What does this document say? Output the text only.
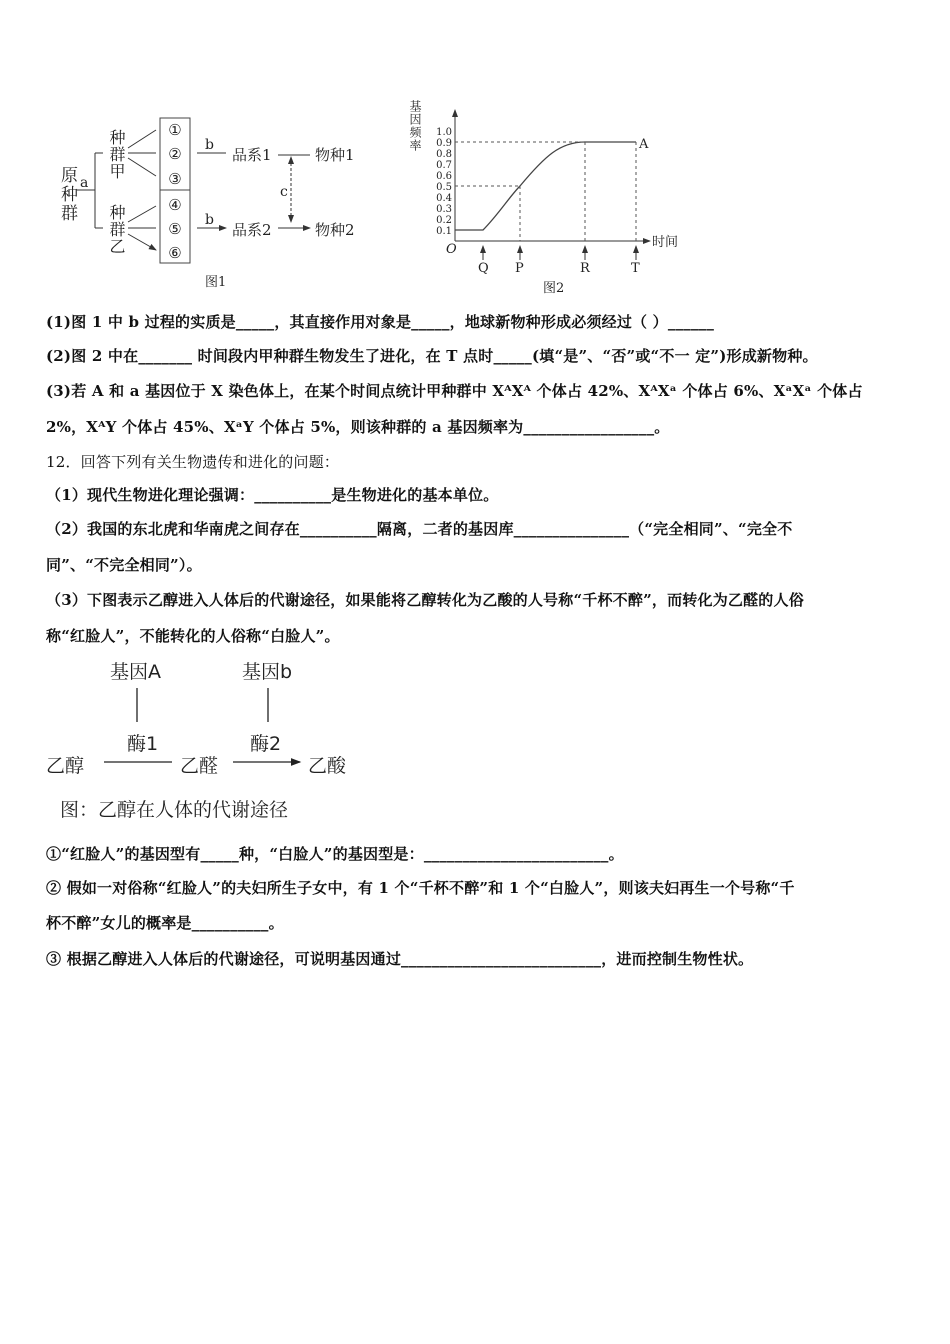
a
①
②
③
④
⑤
⑥
b
b
品系1
品系2
c
物种1
物种2
图1
原种群
种群甲
种群乙	O	时间
1.0
0.9
0.8
0.7
0.6
0.5
0.4
0.3
0.2
0.1
Q P	R	T
A
图2
基因频率
(1)图 1 中 b 过程的实质是_____，其直接作用对象是_____，地球新物种形成必须经过（ ）______
(2)图 2 中在_______ 时间段内甲种群生物发生了进化，在 T 点时_____(填“是”、“否”或“不一 定”)形成新物种。
(3)若 A 和 a 基因位于 X 染色体上，在某个时间点统计甲种群中 XᴬXᴬ 个体占 42%、XᴬXᵃ 个体占 6%、XᵃXᵃ 个体占
2%，XᴬY 个体占 45%、XᵃY 个体占 5%，则该种群的 a 基因频率为_________________。
12．回答下列有关生物遗传和进化的问题：
（1）现代生物进化理论强调：__________是生物进化的基本单位。
（2）我国的东北虎和华南虎之间存在__________隔离，二者的基因库_______________（“完全相同”、“完全不
同”、“不完全相同”）。
（3）下图表示乙醇进入人体后的代谢途径，如果能将乙醇转化为乙酸的人号称“千杯不醉”，而转化为乙醛的人俗
称“红脸人”，不能转化的人俗称“白脸人”。
基因A	基因b
酶1	酶2
乙醇	乙醛	乙酸
图：乙醇在人体的代谢途径
①“红脸人”的基因型有_____种，“白脸人”的基因型是：________________________。
② 假如一对俗称“红脸人”的夫妇所生子女中，有 1 个“千杯不醉”和 1 个“白脸人”，则该夫妇再生一个号称“千
杯不醉”女儿的概率是__________。
③ 根据乙醇进入人体后的代谢途径，可说明基因通过__________________________，进而控制生物性状。
